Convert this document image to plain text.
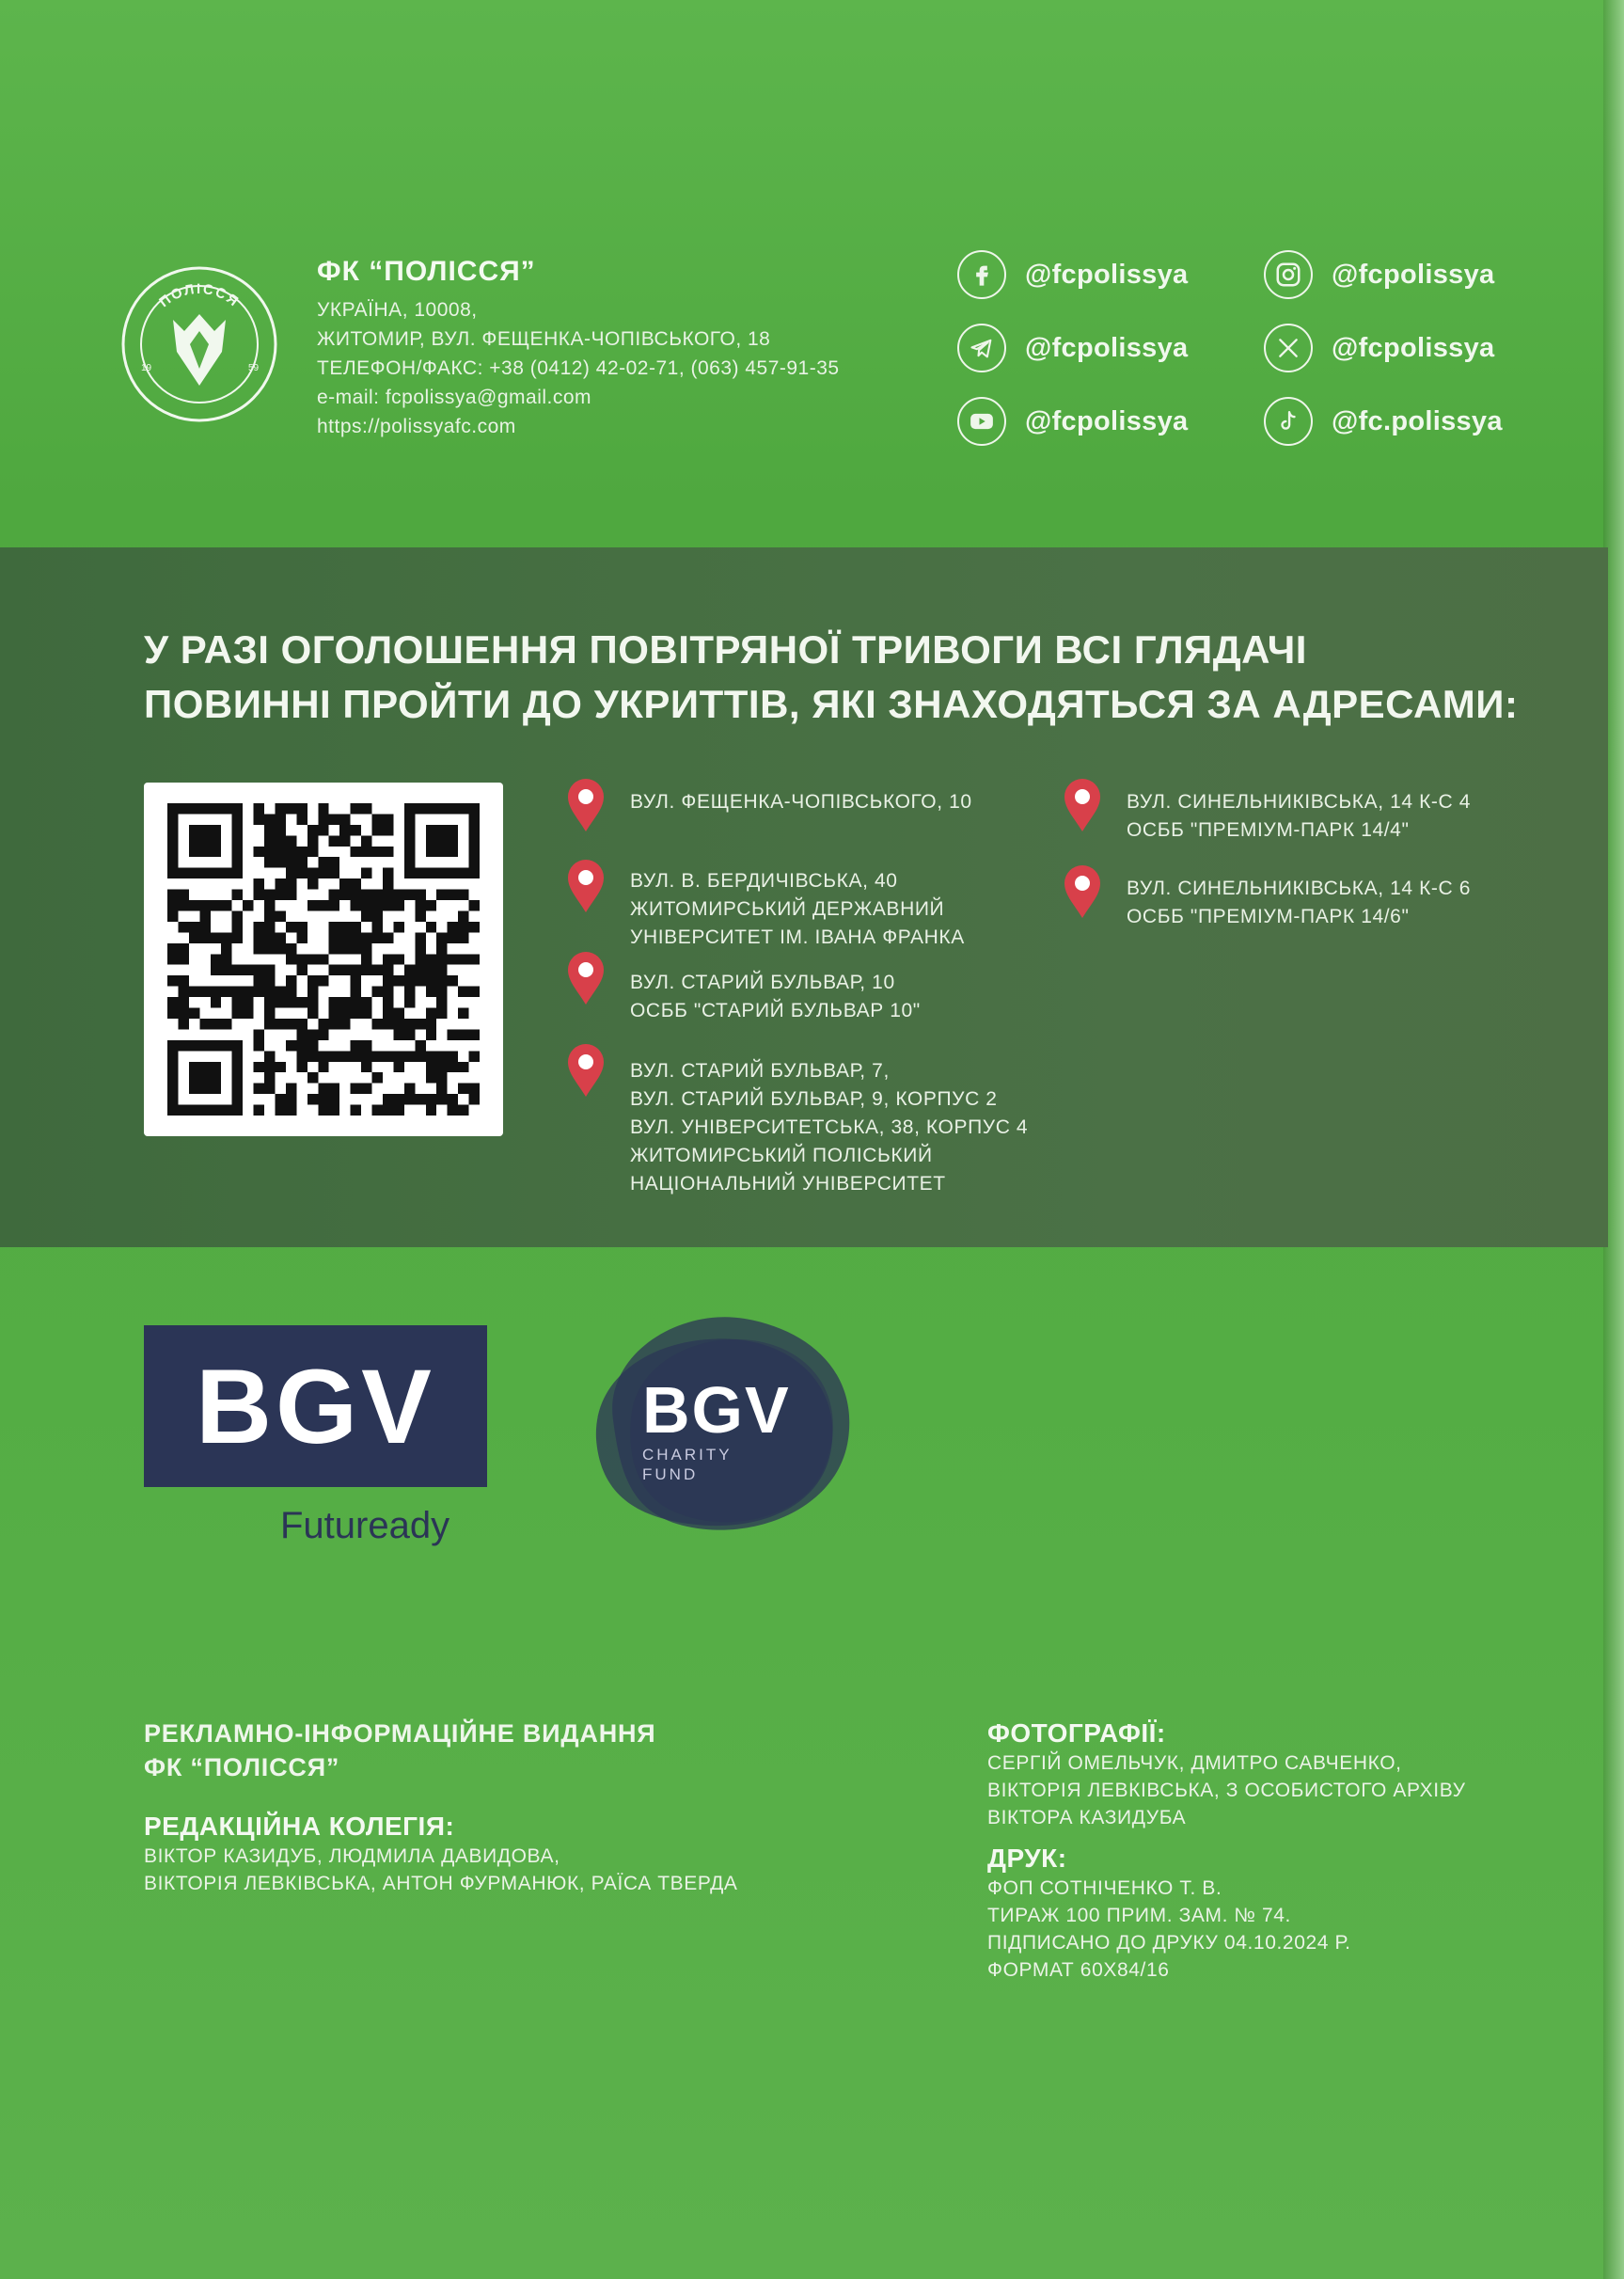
ПОЛІССЯ
19	59
ФК “ПОЛІССЯ”
УКРАЇНА, 10008,
ЖИТОМИР, ВУЛ. ФЕЩЕНКА-ЧОПІВСЬКОГО, 18
ТЕЛЕФОН/ФАКС: +38 (0412) 42-02-71, (063) 457-91-35
e-mail: fcpolissya@gmail.com
https://polissyafc.com
@fcpolissya	@fcpolissya
@fcpolissya	@fcpolissya
@fcpolissya	@fc.polissya
У РАЗІ ОГОЛОШЕННЯ ПОВІТРЯНОЇ ТРИВОГИ ВСІ ГЛЯДАЧІ
ПОВИННІ ПРОЙТИ ДО УКРИТТІВ, ЯКІ ЗНАХОДЯТЬСЯ ЗА АДРЕСАМИ:
ВУЛ. ФЕЩЕНКА-ЧОПІВСЬКОГО, 10
ВУЛ. В. БЕРДИЧІВСЬКА, 40
ЖИТОМИРСЬКИЙ ДЕРЖАВНИЙ
УНІВЕРСИТЕТ ІМ. ІВАНА ФРАНКА
ВУЛ. СТАРИЙ БУЛЬВАР, 10
ОСББ "СТАРИЙ БУЛЬВАР 10"
ВУЛ. СТАРИЙ БУЛЬВАР, 7,
ВУЛ. СТАРИЙ БУЛЬВАР, 9, КОРПУС 2
ВУЛ. УНІВЕРСИТЕТСЬКА, 38, КОРПУС 4
ЖИТОМИРСЬКИЙ ПОЛІСЬКИЙ
НАЦІОНАЛЬНИЙ УНІВЕРСИТЕТ
ВУЛ. СИНЕЛЬНИКІВСЬКА, 14 К-С 4
ОСББ "ПРЕМІУМ-ПАРК 14/4"
ВУЛ. СИНЕЛЬНИКІВСЬКА, 14 К-С 6
ОСББ "ПРЕМІУМ-ПАРК 14/6"
BGV
Futuready
BGV
CHARITY
FUND
РЕКЛАМНО-ІНФОРМАЦІЙНЕ ВИДАННЯ
ФК “ПОЛІССЯ”
РЕДАКЦІЙНА КОЛЕГІЯ:
ВІКТОР КАЗИДУБ, ЛЮДМИЛА ДАВИДОВА,
ВІКТОРІЯ ЛЕВКІВСЬКА, АНТОН ФУРМАНЮК, РАЇСА ТВЕРДА
ФОТОГРАФІЇ:
СЕРГІЙ ОМЕЛЬЧУК, ДМИТРО САВЧЕНКО,
ВІКТОРІЯ ЛЕВКІВСЬКА, З ОСОБИСТОГО АРХІВУ
ВІКТОРА КАЗИДУБА
ДРУК:
ФОП СОТНІЧЕНКО Т. В.
ТИРАЖ 100 ПРИМ. ЗАМ. № 74.
ПІДПИСАНО ДО ДРУКУ 04.10.2024 Р.
ФОРМАТ 60X84/16
